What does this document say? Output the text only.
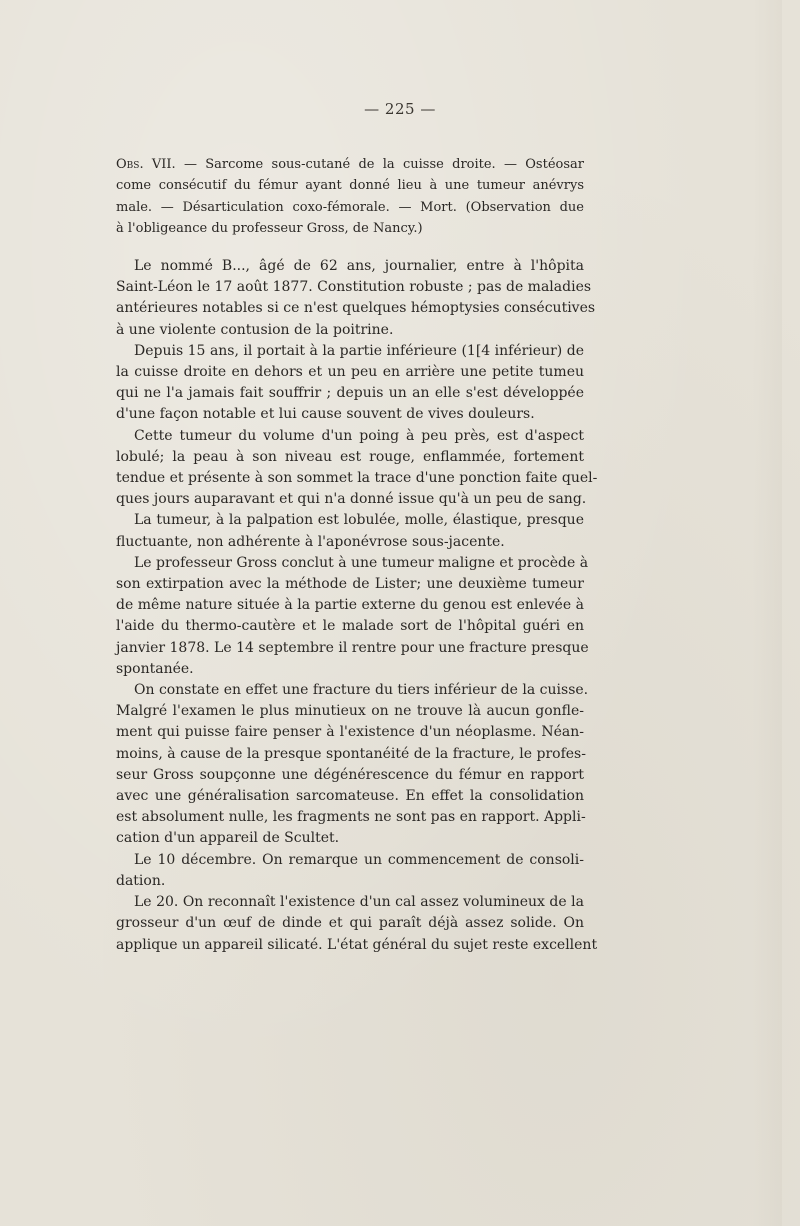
— 225 —
Obs. VII. — Sarcome sous-cutané de la cuisse droite. — Ostéosar
come consécutif du fémur ayant donné lieu à une tumeur anévrys
male. — Désarticulation coxo-fémorale. — Mort. (Observation due
à l'obligeance du professeur Gross, de Nancy.)
Le nommé B..., âgé de 62 ans, journalier, entre à l'hôpita
Saint-Léon le 17 août 1877. Constitution robuste ; pas de maladies
antérieures notables si ce n'est quelques hémoptysies consécutives
à une violente contusion de la poitrine.
Depuis 15 ans, il portait à la partie inférieure (1[4 inférieur) de
la cuisse droite en dehors et un peu en arrière une petite tumeu
qui ne l'a jamais fait souffrir ; depuis un an elle s'est développée
d'une façon notable et lui cause souvent de vives douleurs.
Cette tumeur du volume d'un poing à peu près, est d'aspect
lobulé; la peau à son niveau est rouge, enflammée, fortement
tendue et présente à son sommet la trace d'une ponction faite quel-
ques jours auparavant et qui n'a donné issue qu'à un peu de sang.
La tumeur, à la palpation est lobulée, molle, élastique, presque
fluctuante, non adhérente à l'aponévrose sous-jacente.
Le professeur Gross conclut à une tumeur maligne et procède à
son extirpation avec la méthode de Lister; une deuxième tumeur
de même nature située à la partie externe du genou est enlevée à
l'aide du thermo-cautère et le malade sort de l'hôpital guéri en
janvier 1878. Le 14 septembre il rentre pour une fracture presque
spontanée.
On constate en effet une fracture du tiers inférieur de la cuisse.
Malgré l'examen le plus minutieux on ne trouve là aucun gonfle-
ment qui puisse faire penser à l'existence d'un néoplasme. Néan-
moins, à cause de la presque spontanéité de la fracture, le profes-
seur Gross soupçonne une dégénérescence du fémur en rapport
avec une généralisation sarcomateuse. En effet la consolidation
est absolument nulle, les fragments ne sont pas en rapport. Appli-
cation d'un appareil de Scultet.
Le 10 décembre. On remarque un commencement de consoli-
dation.
Le 20. On reconnaît l'existence d'un cal assez volumineux de la
grosseur d'un œuf de dinde et qui paraît déjà assez solide. On
applique un appareil silicaté. L'état général du sujet reste excellent
